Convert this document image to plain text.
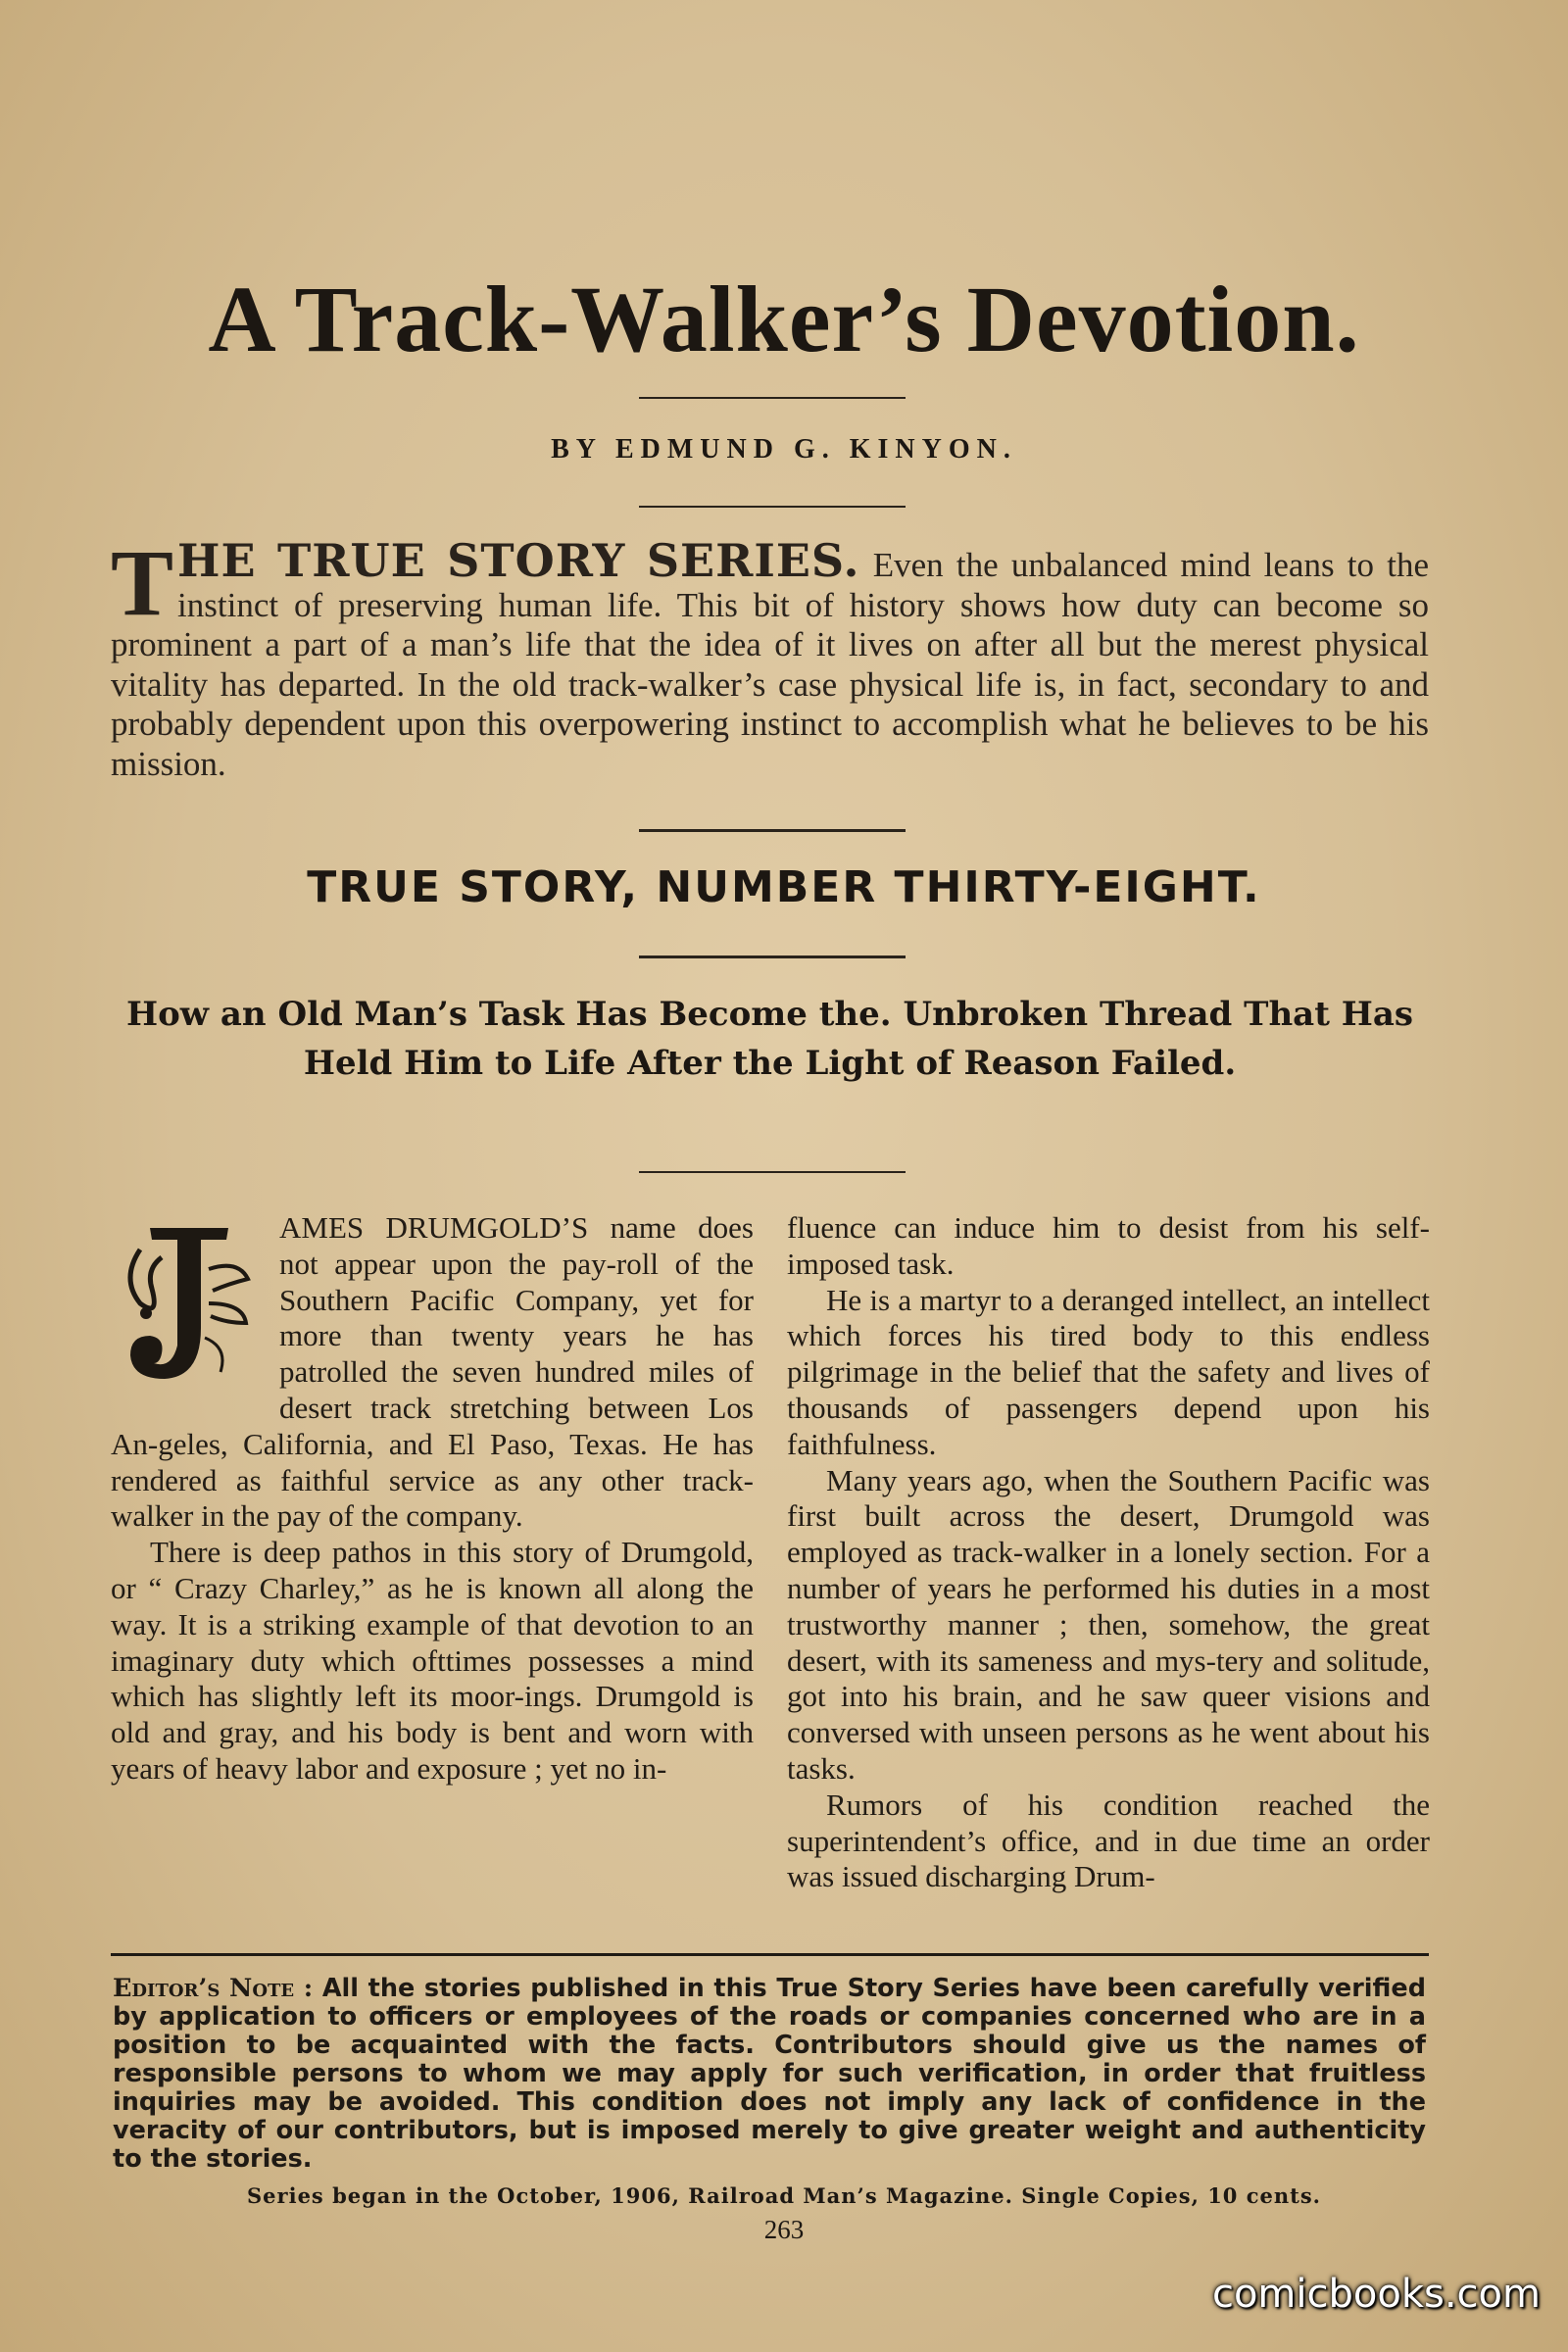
A Track-Walker’s Devotion.
BY EDMUND G. KINYON.
THE TRUE STORY SERIES. Even the unbalanced mind leans to the instinct of preserving human life. This bit of history shows how duty can become so prominent a part of a man’s life that the idea of it lives on after all but the merest physical vitality has departed. In the old track-walker’s case physical life is, in fact, secondary to and probably dependent upon this overpowering instinct to accomplish what he believes to be his mission.
TRUE STORY, NUMBER THIRTY-EIGHT.
How an Old Man’s Task Has Become the. Unbroken Thread That Has Held Him to Life After the Light of Reason Failed.

AMES DRUMGOLD’S name does not appear upon the pay-roll of the Southern Pacific Company, yet for more than twenty years he has patrolled the seven hundred miles of desert track stretching between Los An-geles, California, and El Paso, Texas. He has rendered as faithful service as any other track-walker in the pay of the company.

There is deep pathos in this story of Drumgold, or “ Crazy Charley,” as he is known all along the way. It is a striking example of that devotion to an imaginary duty which ofttimes possesses a mind which has slightly left its moor-ings. Drumgold is old and gray, and his body is bent and worn with years of heavy labor and exposure ; yet no in-

fluence can induce him to desist from his self-imposed task.

He is a martyr to a deranged intellect, an intellect which forces his tired body to this endless pilgrimage in the belief that the safety and lives of thousands of passengers depend upon his faithfulness.

Many years ago, when the Southern Pacific was first built across the desert, Drumgold was employed as track-walker in a lonely section. For a number of years he performed his duties in a most trustworthy manner ; then, somehow, the great desert, with its sameness and mys-tery and solitude, got into his brain, and he saw queer visions and conversed with unseen persons as he went about his tasks.

Rumors of his condition reached the superintendent’s office, and in due time an order was issued discharging Drum-

Editor’s Note : All the stories published in this True Story Series have been carefully verified by application to officers or employees of the roads or companies concerned who are in a position to be acquainted with the facts. Contributors should give us the names of responsible persons to whom we may apply for such verification, in order that fruitless inquiries may be avoided. This condition does not imply any lack of confidence in the veracity of our contributors, but is imposed merely to give greater weight and authenticity to the stories.
Series began in the October, 1906, Railroad Man’s Magazine. Single Copies, 10 cents.
263
comicbooks.com
